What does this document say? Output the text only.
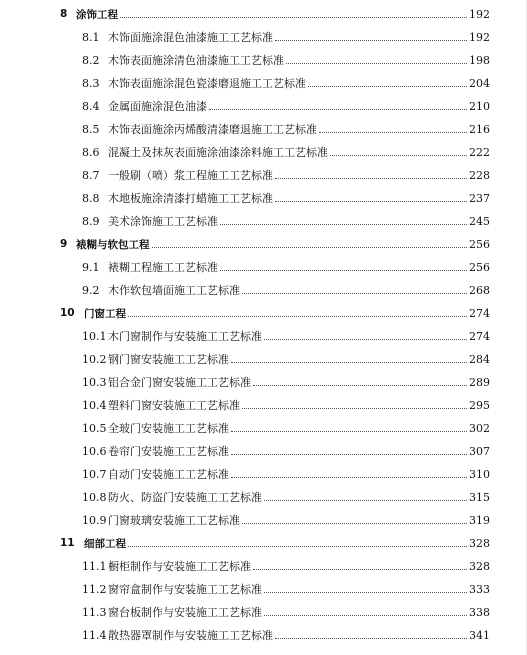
8 涂饰工程	192
8.1 木饰面施涂混色油漆施工工艺标准	192
8.2 木饰表面施涂清色油漆施工工艺标准	198
8.3 木饰表面施涂混色瓷漆磨退施工工艺标准	204
8.4 金属面施涂混色油漆	210
8.5 木饰表面施涂丙烯酸清漆磨退施工工艺标准	216
8.6 混凝土及抹灰表面施涂油漆涂料施工工艺标准	222
8.7 一般刷（喷）浆工程施工工艺标准	228
8.8 木地板施涂清漆打蜡施工工艺标准	237
8.9 美术涂饰施工工艺标准	245
9 裱糊与软包工程	256
9.1 裱糊工程施工工艺标准	256
9.2 木作软包墙面施工工艺标准	268
10 门窗工程	274
10.1 木门窗制作与安装施工工艺标准	274
10.2 钢门窗安装施工工艺标准	284
10.3 铝合金门窗安装施工工艺标准	289
10.4 塑料门窗安装施工工艺标准	295
10.5 全玻门安装施工工艺标准	302
10.6 卷帘门安装施工工艺标准	307
10.7 自动门安装施工工艺标准	310
10.8 防火、防盗门安装施工工艺标准	315
10.9 门窗玻璃安装施工工艺标准	319
11 细部工程	328
11.1 橱柜制作与安装施工工艺标准	328
11.2 窗帘盒制作与安装施工工艺标准	333
11.3 窗台板制作与安装施工工艺标准	338
11.4 散热器罩制作与安装施工工艺标准	341
